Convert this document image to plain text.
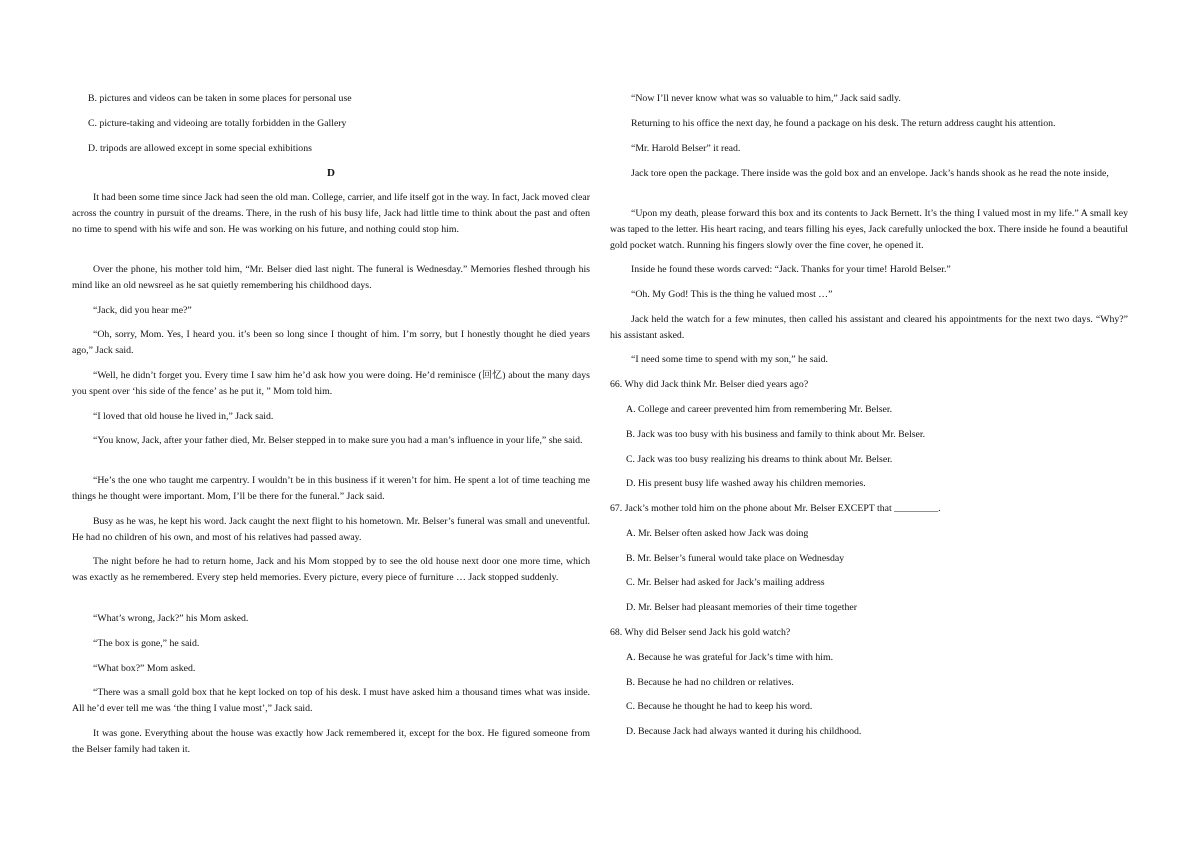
B. pictures and videos can be taken in some places for personal use

C. picture-taking and videoing are totally forbidden in the Gallery

D. tripods are allowed except in some special exhibitions

D

It had been some time since Jack had seen the old man. College, carrier, and life itself got in the way. In fact, Jack moved clear across the country in pursuit of the dreams. There, in the rush of his busy life, Jack had little time to think about the past and often no time to spend with his wife and son. He was working on his future, and nothing could stop him.

Over the phone, his mother told him, “Mr. Belser died last night. The funeral is Wednesday.” Memories fleshed through his mind like an old newsreel as he sat quietly remembering his childhood days.

“Jack, did you hear me?”

“Oh, sorry, Mom. Yes, I heard you. it’s been so long since I thought of him. I’m sorry, but I honestly thought he died years ago,” Jack said.

“Well, he didn’t forget you. Every time I saw him he’d ask how you were doing. He’d reminisce (回忆) about the many days you spent over ‘his side of the fence’ as he put it, ” Mom told him.

“I loved that old house he lived in,” Jack said.

“You know, Jack, after your father died, Mr. Belser stepped in to make sure you had a man’s influence in your life,” she said.

“He’s the one who taught me carpentry. I wouldn’t be in this business if it weren’t for him. He spent a lot of time teaching me things he thought were important. Mom, I’ll be there for the funeral.” Jack said.

Busy as he was, he kept his word. Jack caught the next flight to his hometown. Mr. Belser’s funeral was small and uneventful. He had no children of his own, and most of his relatives had passed away.

The night before he had to return home, Jack and his Mom stopped by to see the old house next door one more time, which was exactly as he remembered. Every step held memories. Every picture, every piece of furniture … Jack stopped suddenly.

“What’s wrong, Jack?” his Mom asked.

“The box is gone,” he said.

“What box?” Mom asked.

“There was a small gold box that he kept locked on top of his desk. I must have asked him a thousand times what was inside. All he’d ever tell me was ‘the thing I value most’,” Jack said.

It was gone. Everything about the house was exactly how Jack remembered it, except for the box. He figured someone from the Belser family had taken it.

“Now I’ll never know what was so valuable to him,” Jack said sadly.

Returning to his office the next day, he found a package on his desk. The return address caught his attention.

“Mr. Harold Belser” it read.

Jack tore open the package. There inside was the gold box and an envelope. Jack’s hands shook as he read the note inside,

“Upon my death, please forward this box and its contents to Jack Bernett. It’s the thing I valued most in my life.” A small key was taped to the letter. His heart racing, and tears filling his eyes, Jack carefully unlocked the box. There inside he found a beautiful gold pocket watch. Running his fingers slowly over the fine cover, he opened it.

Inside he found these words carved: “Jack. Thanks for your time! Harold Belser.”

“Oh. My God! This is the thing he valued most …”

Jack held the watch for a few minutes, then called his assistant and cleared his appointments for the next two days. “Why?” his assistant asked.

“I need some time to spend with my son,” he said.

66. Why did Jack think Mr. Belser died years ago?

A. College and career prevented him from remembering Mr. Belser.

B. Jack was too busy with his business and family to think about Mr. Belser.

C. Jack was too busy realizing his dreams to think about Mr. Belser.

D. His present busy life washed away his children memories.

67. Jack’s mother told him on the phone about Mr. Belser EXCEPT that _________.

A. Mr. Belser often asked how Jack was doing

B. Mr. Belser’s funeral would take place on Wednesday

C. Mr. Belser had asked for Jack’s mailing address

D. Mr. Belser had pleasant memories of their time together

68. Why did Belser send Jack his gold watch?

A. Because he was grateful for Jack’s time with him.

B. Because he had no children or relatives.

C. Because he thought he had to keep his word.

D. Because Jack had always wanted it during his childhood.
